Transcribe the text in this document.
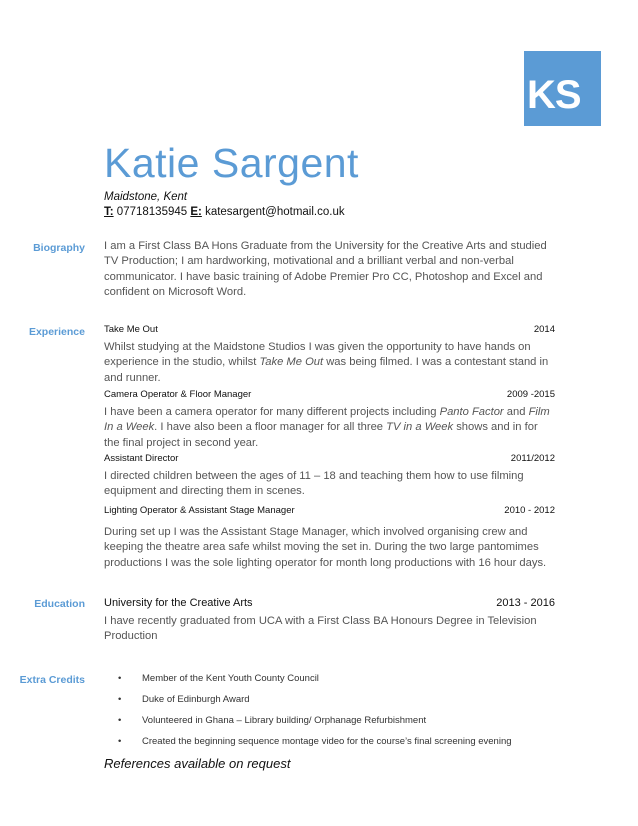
KS
Katie Sargent
Maidstone, Kent
T: 07718135945 E: katesargent@hotmail.co.uk
Biography I am a First Class BA Hons Graduate from the University for the Creative Arts and studied TV Production; I am hardworking, motivational and a brilliant verbal and non-verbal communicator. I have basic training of Adobe Premier Pro CC, Photoshop and Excel and confident on Microsoft Word.
Experience Take Me Out	2014
Whilst studying at the Maidstone Studios I was given the opportunity to have hands on experience in the studio, whilst Take Me Out was being filmed. I was a contestant stand in and runner.
Camera Operator & Floor Manager	2009 -2015
I have been a camera operator for many different projects including Panto Factor and Film In a Week. I have also been a floor manager for all three TV in a Week shows and in for the final project in second year.
Assistant Director	2011/2012
I directed children between the ages of 11 – 18 and teaching them how to use filming equipment and directing them in scenes.
Lighting Operator & Assistant Stage Manager	2010 - 2012
During set up I was the Assistant Stage Manager, which involved organising crew and keeping the theatre area safe whilst moving the set in. During the two large pantomimes productions I was the sole lighting operator for month long productions with 16 hour days.
Education University for the Creative Arts	2013 - 2016
I have recently graduated from UCA with a First Class BA Honours Degree in Television Production
Extra Credits	• Member of the Kent Youth County Council
• Duke of Edinburgh Award
• Volunteered in Ghana – Library building/ Orphanage Refurbishment
• Created the beginning sequence montage video for the course’s final screening evening
References available on request
